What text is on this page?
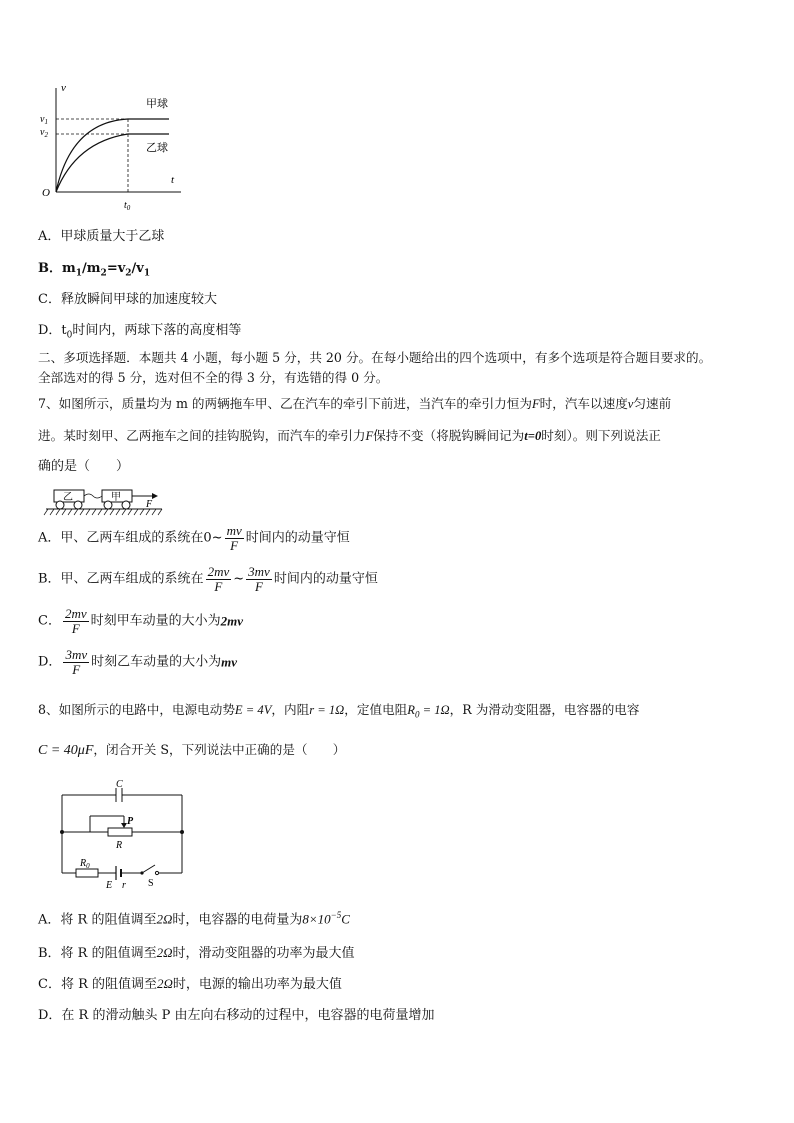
v
t
O
$v_1$
$v_2$
$t_0$
甲球
乙球
A．甲球质量大于乙球
B．$m_1/m_2=v_2/v_1$
C．释放瞬间甲球的加速度较大
D．$t_0$时间内，两球下落的高度相等
二、多项选择题．本题共 4 小题，每小题 5 分，共 20 分。在每小题给出的四个选项中，有多个选项是符合题目要求的。
全部选对的得 5 分，选对但不全的得 3 分，有选错的得 0 分。
7、如图所示，质量均为 m 的两辆拖车甲、乙在汽车的牵引下前进，当汽车的牵引力恒为F时，汽车以速度v匀速前
进。某时刻甲、乙两拖车之间的挂钩脱钩，而汽车的牵引力F保持不变（将脱钩瞬间记为t=0时刻）。则下列说法正
确的是（　　）
乙	甲
F
A．甲、乙两车组成的系统在0~ $\frac{mv}{F}$ 时间内的动量守恒
B．甲、乙两车组成的系统在 $\frac{2mv}{F}$ ~ $\frac{3mv}{F}$ 时间内的动量守恒
C． $\frac{2mv}{F}$ 时刻甲车动量的大小为2mv
D． $\frac{3mv}{F}$ 时刻乙车动量的大小为mv
8、如图所示的电路中，电源电动势E = 4V，内阻r = 1Ω，定值电阻$R_0 = 1\Omega$，R 为滑动变阻器，电容器的电容
C = 40μF，闭合开关 S，下列说法中正确的是（　　）
C
P
R
$R_0$
E r S
A．将 R 的阻值调至2Ω时，电容器的电荷量为$8\times 10^{-5}C$
B．将 R 的阻值调至2Ω时，滑动变阻器的功率为最大值
C．将 R 的阻值调至2Ω时，电源的输出功率为最大值
D．在 R 的滑动触头 P 由左向右移动的过程中，电容器的电荷量增加
